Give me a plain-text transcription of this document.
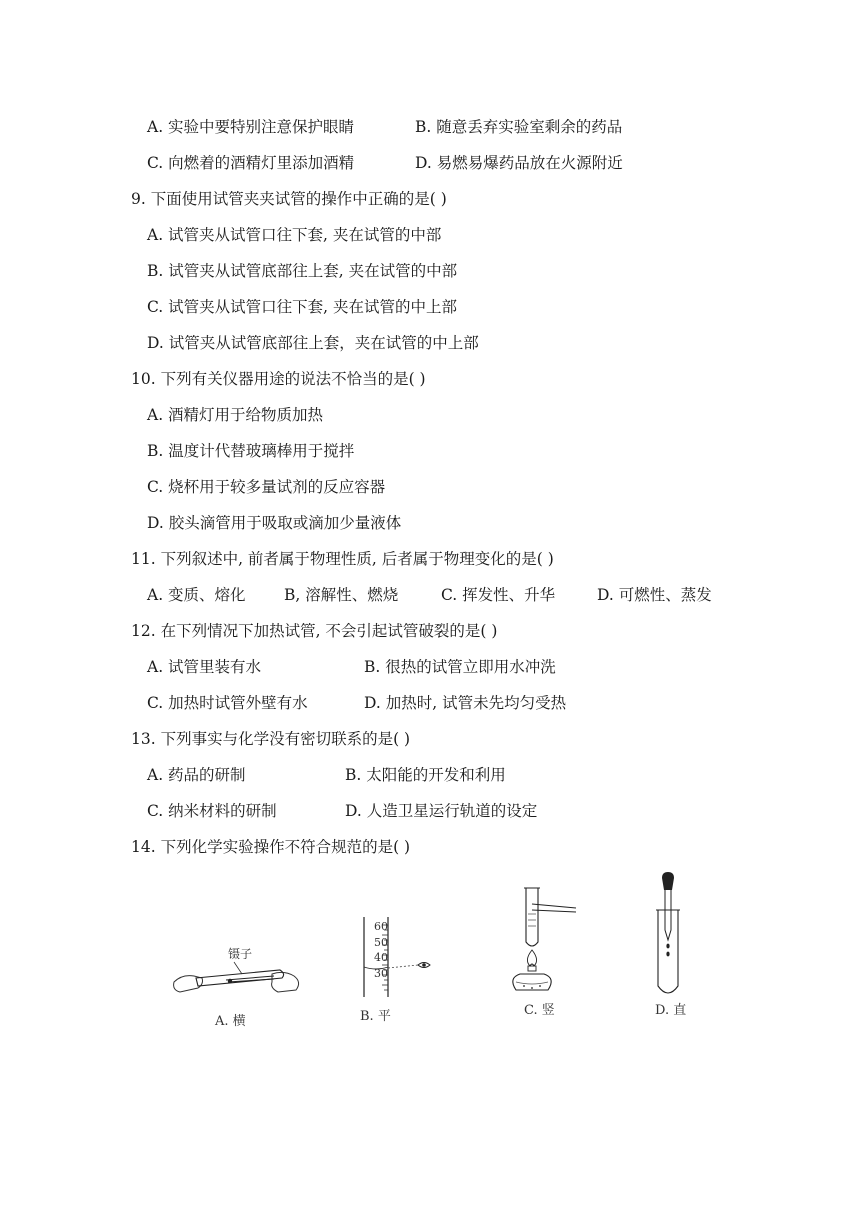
A. 实验中要特别注意保护眼睛	B. 随意丢弃实验室剩余的药品
C. 向燃着的酒精灯里添加酒精	D. 易燃易爆药品放在火源附近
9. 下面使用试管夹夹试管的操作中正确的是( )
A. 试管夹从试管口往下套, 夹在试管的中部
B. 试管夹从试管底部往上套, 夹在试管的中部
C. 试管夹从试管口往下套, 夹在试管的中上部
D. 试管夹从试管底部往上套，夹在试管的中上部
10. 下列有关仪器用途的说法不恰当的是( )
A. 酒精灯用于给物质加热
B. 温度计代替玻璃棒用于搅拌
C. 烧杯用于较多量试剂的反应容器
D. 胶头滴管用于吸取或滴加少量液体
11. 下列叙述中, 前者属于物理性质, 后者属于物理变化的是( )
A. 变质、熔化 B, 溶解性、燃烧	C. 挥发性、升华	D. 可燃性、蒸发
12. 在下列情况下加热试管, 不会引起试管破裂的是( )
A. 试管里装有水	B. 很热的试管立即用水冲洗
C. 加热时试管外壁有水	D. 加热时, 试管未先均匀受热
13. 下列事实与化学没有密切联系的是( )
A. 药品的研制	B. 太阳能的开发和利用
C. 纳米材料的研制	D. 人造卫星运行轨道的设定
14. 下列化学实验操作不符合规范的是( )
镊子
A. 横
60
50
40
30
B. 平	C. 竖	D. 直
